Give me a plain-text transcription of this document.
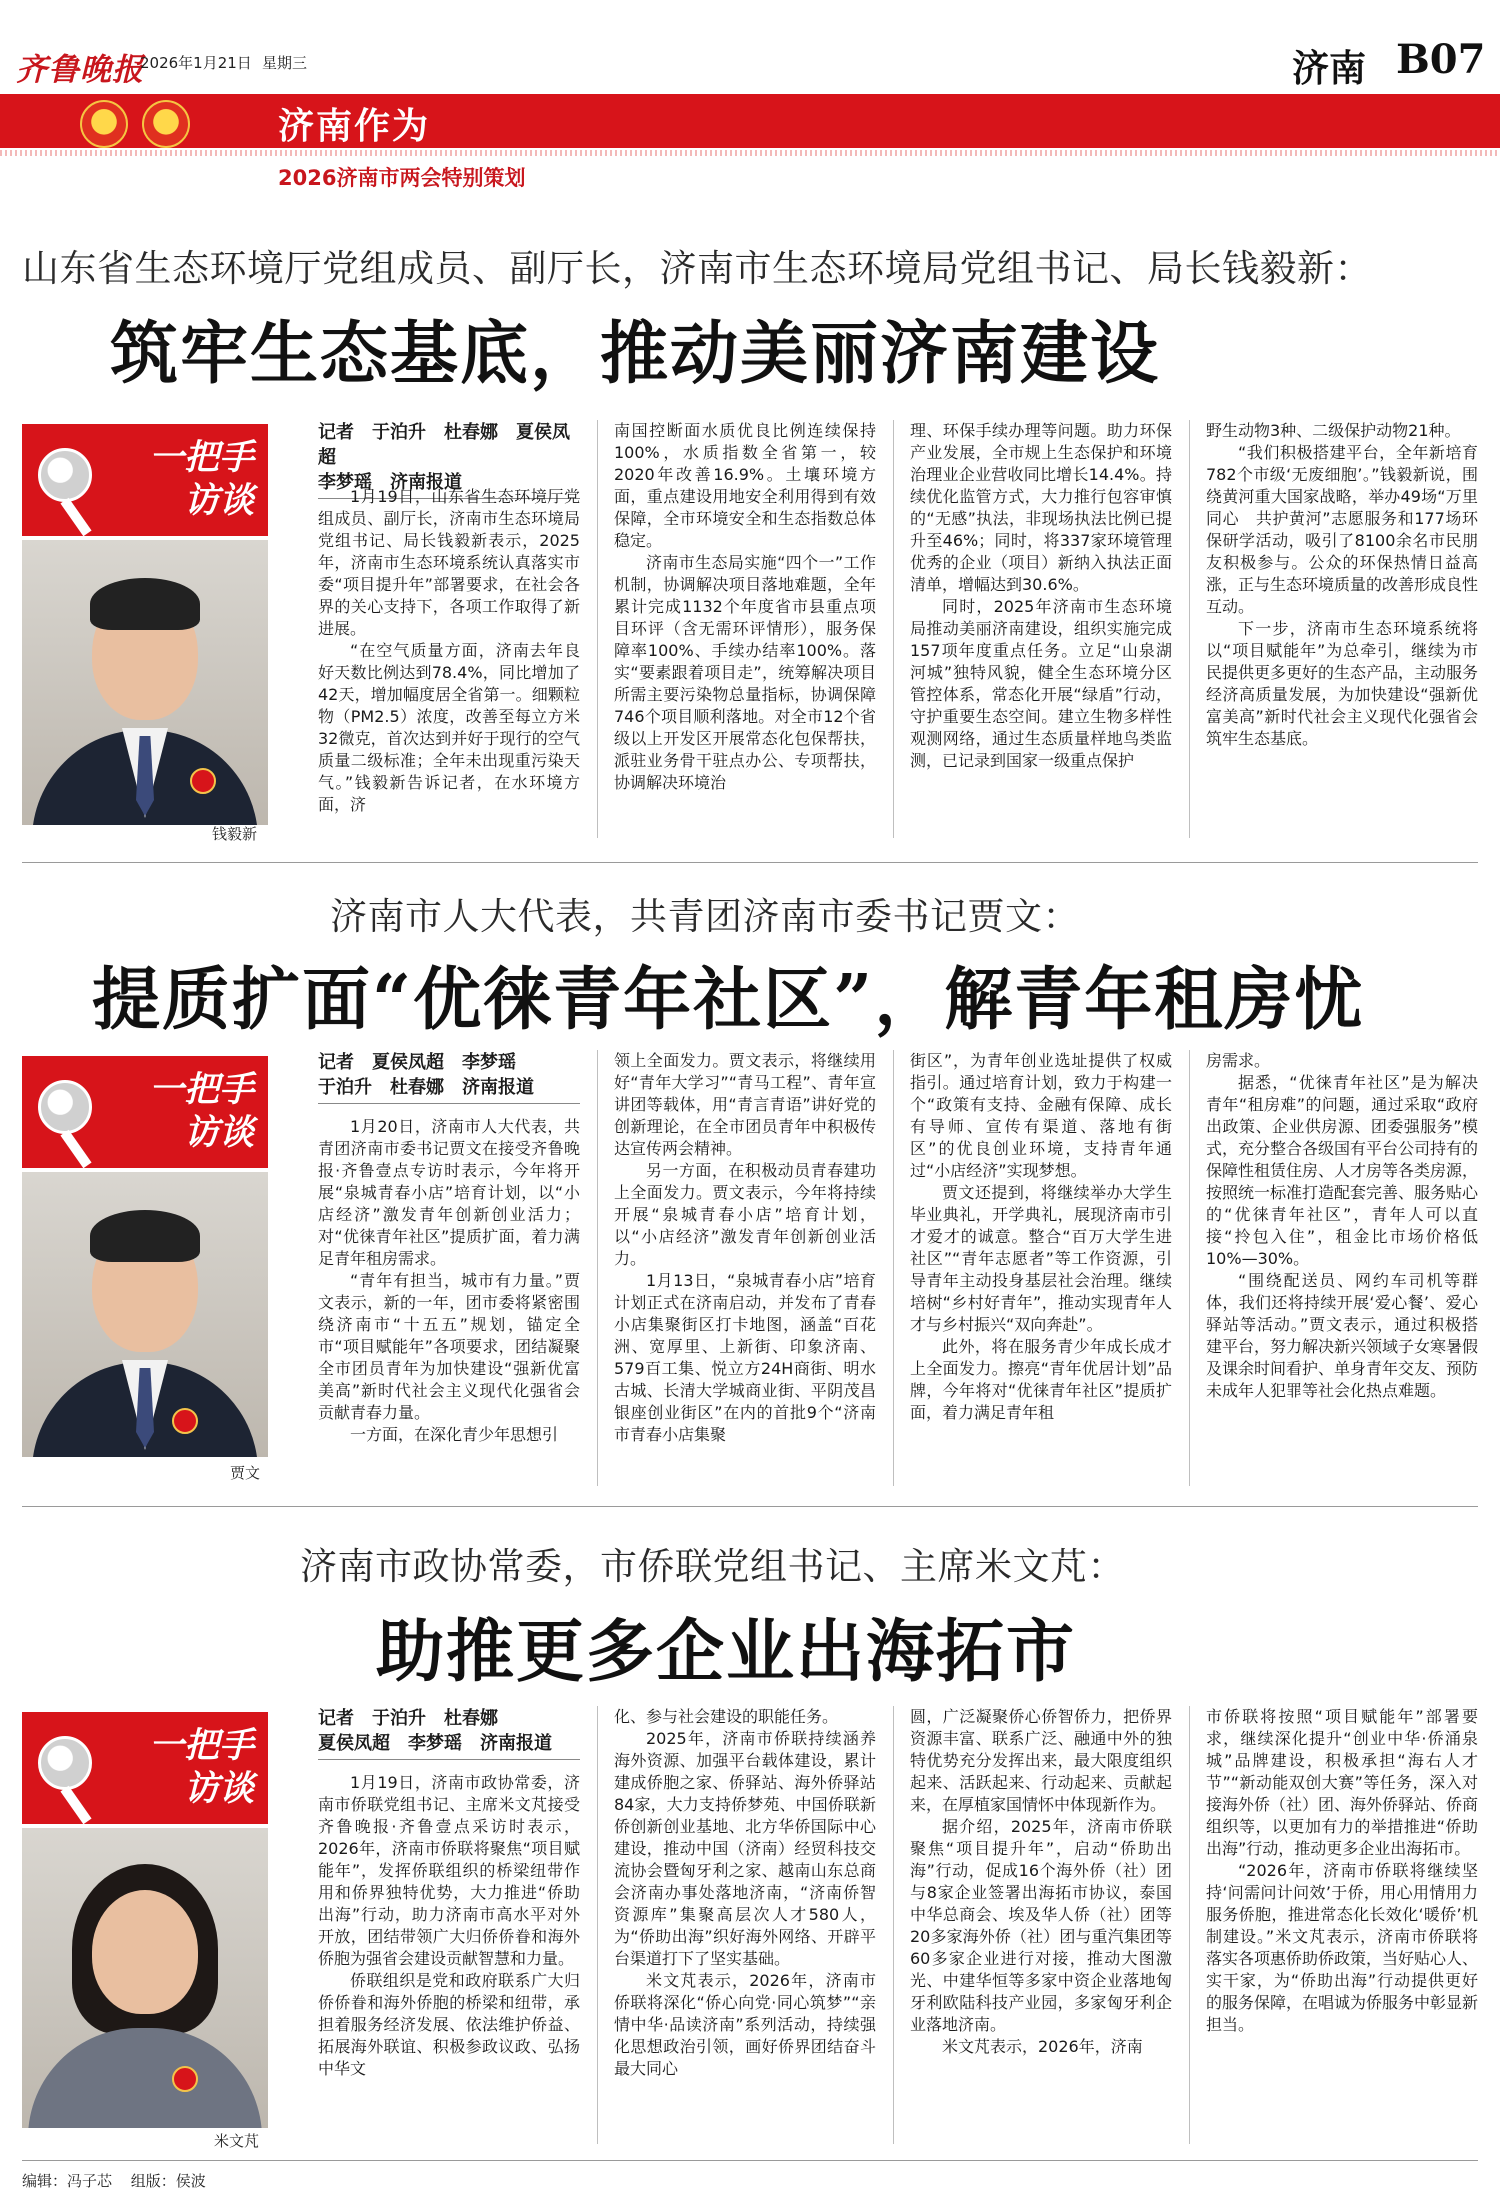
齐鲁晚报
2026年1月21日 星期三	济南 B07
济南作为
2026济南市两会特别策划
山东省生态环境厅党组成员、副厅长，济南市生态环境局党组书记、局长钱毅新：
筑牢生态基底，推动美丽济南建设
一把手
访谈
钱毅新
记者　于泊升　杜春娜　夏侯凤超
李梦瑶　济南报道

1月19日，山东省生态环境厅党组成员、副厅长，济南市生态环境局党组书记、局长钱毅新表示，2025年，济南市生态环境系统认真落实市委“项目提升年”部署要求，在社会各界的关心支持下，各项工作取得了新进展。

“在空气质量方面，济南去年良好天数比例达到78.4%，同比增加了42天，增加幅度居全省第一。细颗粒物（PM2.5）浓度，改善至每立方米32微克，首次达到并好于现行的空气质量二级标准；全年未出现重污染天气。”钱毅新告诉记者，在水环境方面，济

南国控断面水质优良比例连续保持100%，水质指数全省第一，较2020年改善16.9%。土壤环境方面，重点建设用地安全利用得到有效保障，全市环境安全和生态指数总体稳定。

济南市生态局实施“四个一”工作机制，协调解决项目落地难题，全年累计完成1132个年度省市县重点项目环评（含无需环评情形），服务保障率100%、手续办结率100%。落实“要素跟着项目走”，统筹解决项目所需主要污染物总量指标，协调保障746个项目顺利落地。对全市12个省级以上开发区开展常态化包保帮扶，派驻业务骨干驻点办公、专项帮扶，协调解决环境治

理、环保手续办理等问题。助力环保产业发展，全市规上生态保护和环境治理业企业营收同比增长14.4%。持续优化监管方式，大力推行包容审慎的“无感”执法，非现场执法比例已提升至46%；同时，将337家环境管理优秀的企业（项目）新纳入执法正面清单，增幅达到30.6%。

同时，2025年济南市生态环境局推动美丽济南建设，组织实施完成157项年度重点任务。立足“山泉湖河城”独特风貌，健全生态环境分区管控体系，常态化开展“绿盾”行动，守护重要生态空间。建立生物多样性观测网络，通过生态质量样地鸟类监测，已记录到国家一级重点保护

野生动物3种、二级保护动物21种。

“我们积极搭建平台，全年新培育782个市级‘无废细胞’。”钱毅新说，围绕黄河重大国家战略，举办49场“万里同心　共护黄河”志愿服务和177场环保研学活动，吸引了8100余名市民朋友积极参与。公众的环保热情日益高涨，正与生态环境质量的改善形成良性互动。

下一步，济南市生态环境系统将以“项目赋能年”为总牵引，继续为市民提供更多更好的生态产品，主动服务经济高质量发展，为加快建设“强新优富美高”新时代社会主义现代化强省会筑牢生态基底。

济南市人大代表，共青团济南市委书记贾文：
提质扩面“优徕青年社区”，解青年租房忧
一把手
访谈
贾文
记者　夏侯凤超　李梦瑶
于泊升　杜春娜　济南报道

1月20日，济南市人大代表，共青团济南市委书记贾文在接受齐鲁晚报·齐鲁壹点专访时表示，今年将开展“泉城青春小店”培育计划，以“小店经济”激发青年创新创业活力；对“优徕青年社区”提质扩面，着力满足青年租房需求。

“青年有担当，城市有力量。”贾文表示，新的一年，团市委将紧密围绕济南市“十五五”规划，锚定全市“项目赋能年”各项要求，团结凝聚全市团员青年为加快建设“强新优富美高”新时代社会主义现代化强省会贡献青春力量。

一方面，在深化青少年思想引

领上全面发力。贾文表示，将继续用好“青年大学习”“青马工程”、青年宣讲团等载体，用“青言青语”讲好党的创新理论，在全市团员青年中积极传达宣传两会精神。

另一方面，在积极动员青春建功上全面发力。贾文表示，今年将持续开展“泉城青春小店”培育计划，以“小店经济”激发青年创新创业活力。

1月13日，“泉城青春小店”培育计划正式在济南启动，并发布了青春小店集聚街区打卡地图，涵盖“百花洲、宽厚里、上新街、印象济南、579百工集、悦立方24H商街、明水古城、长清大学城商业街、平阴茂昌银座创业街区”在内的首批9个“济南市青春小店集聚

街区”，为青年创业选址提供了权威指引。通过培育计划，致力于构建一个“政策有支持、金融有保障、成长有导师、宣传有渠道、落地有街区”的优良创业环境，支持青年通过“小店经济”实现梦想。

贾文还提到，将继续举办大学生毕业典礼，开学典礼，展现济南市引才爱才的诚意。整合“百万大学生进社区”“青年志愿者”等工作资源，引导青年主动投身基层社会治理。继续培树“乡村好青年”，推动实现青年人才与乡村振兴“双向奔赴”。

此外，将在服务青少年成长成才上全面发力。擦亮“青年优居计划”品牌，今年将对“优徕青年社区”提质扩面，着力满足青年租

房需求。

据悉，“优徕青年社区”是为解决青年“租房难”的问题，通过采取“政府出政策、企业供房源、团委强服务”模式，充分整合各级国有平台公司持有的保障性租赁住房、人才房等各类房源，按照统一标准打造配套完善、服务贴心的“优徕青年社区”，青年人可以直接“拎包入住”，租金比市场价格低10%—30%。

“围绕配送员、网约车司机等群体，我们还将持续开展‘爱心餐’、爱心驿站等活动。”贾文表示，通过积极搭建平台，努力解决新兴领域子女寒暑假及课余时间看护、单身青年交友、预防未成年人犯罪等社会化热点难题。

济南市政协常委，市侨联党组书记、主席米文芃：
助推更多企业出海拓市
一把手
访谈
米文芃
记者　于泊升　杜春娜
夏侯凤超　李梦瑶　济南报道

1月19日，济南市政协常委，济南市侨联党组书记、主席米文芃接受齐鲁晚报·齐鲁壹点采访时表示，2026年，济南市侨联将聚焦“项目赋能年”，发挥侨联组织的桥梁纽带作用和侨界独特优势，大力推进“侨助出海”行动，助力济南市高水平对外开放，团结带领广大归侨侨眷和海外侨胞为强省会建设贡献智慧和力量。

侨联组织是党和政府联系广大归侨侨眷和海外侨胞的桥梁和纽带，承担着服务经济发展、依法维护侨益、拓展海外联谊、积极参政议政、弘扬中华文

化、参与社会建设的职能任务。

2025年，济南市侨联持续涵养海外资源、加强平台载体建设，累计建成侨胞之家、侨驿站、海外侨驿站84家，大力支持侨梦苑、中国侨联新侨创新创业基地、北方华侨国际中心建设，推动中国（济南）经贸科技交流协会暨匈牙利之家、越南山东总商会济南办事处落地济南，“济南侨智资源库”集聚高层次人才580人，为“侨助出海”织好海外网络、开辟平台渠道打下了坚实基础。

米文芃表示，2026年，济南市侨联将深化“侨心向党·同心筑梦”“亲情中华·品读济南”系列活动，持续强化思想政治引领，画好侨界团结奋斗最大同心

圆，广泛凝聚侨心侨智侨力，把侨界资源丰富、联系广泛、融通中外的独特优势充分发挥出来，最大限度组织起来、活跃起来、行动起来、贡献起来，在厚植家国情怀中体现新作为。

据介绍，2025年，济南市侨联聚焦“项目提升年”，启动“侨助出海”行动，促成16个海外侨（社）团与8家企业签署出海拓市协议，泰国中华总商会、埃及华人侨（社）团等20多家海外侨（社）团与重汽集团等60多家企业进行对接，推动大图激光、中建华恒等多家中资企业落地匈牙利欧陆科技产业园，多家匈牙利企业落地济南。

米文芃表示，2026年，济南

市侨联将按照“项目赋能年”部署要求，继续深化提升“创业中华·侨涌泉城”品牌建设，积极承担“海右人才节”“新动能双创大赛”等任务，深入对接海外侨（社）团、海外侨驿站、侨商组织等，以更加有力的举措推进“侨助出海”行动，推动更多企业出海拓市。

“2026年，济南市侨联将继续坚持‘问需问计问效’于侨，用心用情用力服务侨胞，推进常态化长效化‘暖侨’机制建设。”米文芃表示，济南市侨联将落实各项惠侨助侨政策，当好贴心人、实干家，为“侨助出海”行动提供更好的服务保障，在唱诚为侨服务中彰显新担当。

编辑：冯子芯 组版：侯波
